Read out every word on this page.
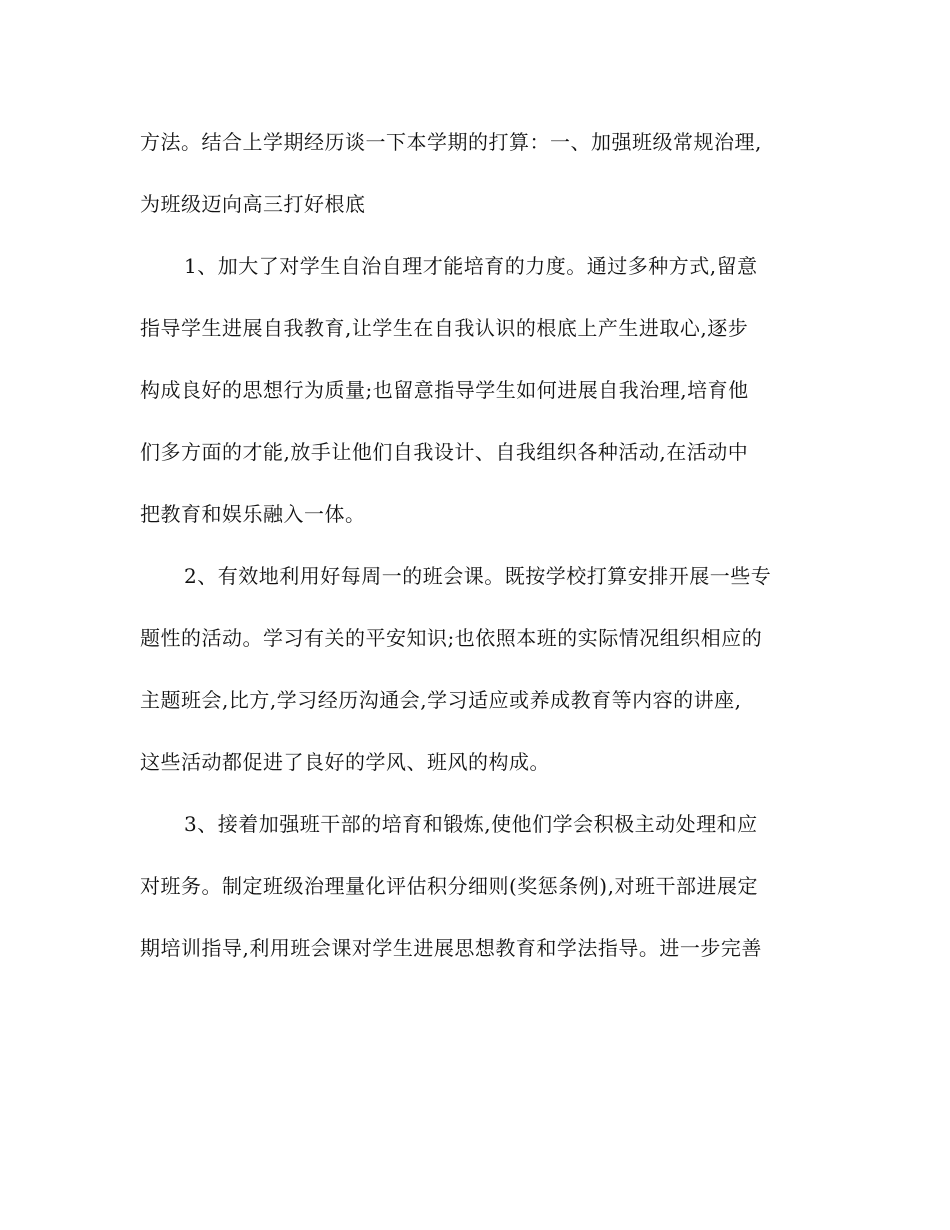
方法。结合上学期经历谈一下本学期的打算：一、加强班级常规治理,
为班级迈向高三打好根底
1、加大了对学生自治自理才能培育的力度。通过多种方式,留意
指导学生进展自我教育,让学生在自我认识的根底上产生进取心,逐步
构成良好的思想行为质量;也留意指导学生如何进展自我治理,培育他
们多方面的才能,放手让他们自我设计、自我组织各种活动,在活动中
把教育和娱乐融入一体。
2、有效地利用好每周一的班会课。既按学校打算安排开展一些专
题性的活动。学习有关的平安知识;也依照本班的实际情况组织相应的
主题班会,比方,学习经历沟通会,学习适应或养成教育等内容的讲座,
这些活动都促进了良好的学风、班风的构成。
3、接着加强班干部的培育和锻炼,使他们学会积极主动处理和应
对班务。制定班级治理量化评估积分细则(奖惩条例),对班干部进展定
期培训指导,利用班会课对学生进展思想教育和学法指导。进一步完善
